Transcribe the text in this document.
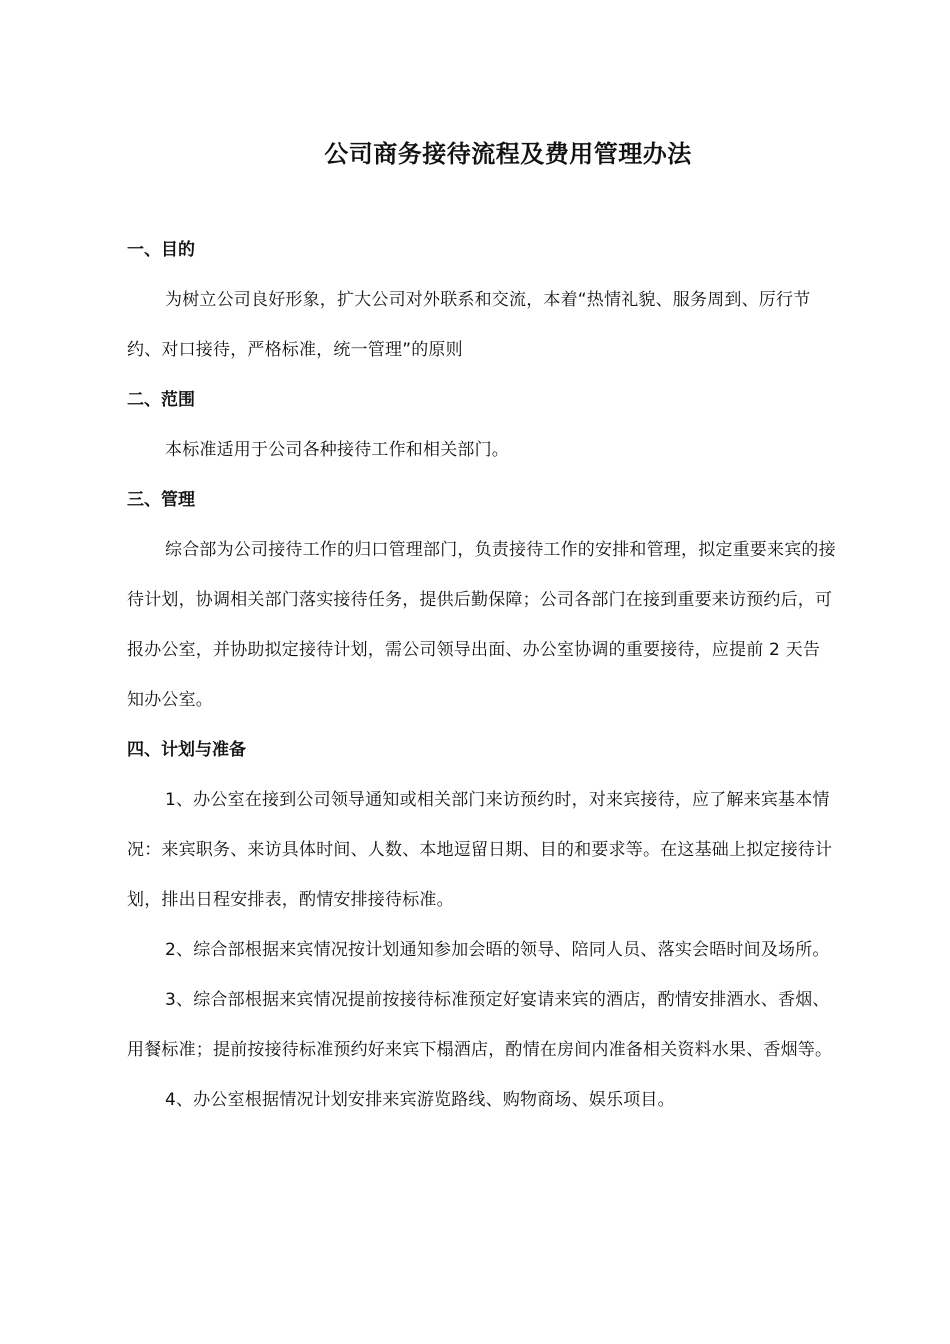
公司商务接待流程及费用管理办法
一、目的

为树立公司良好形象，扩大公司对外联系和交流，本着“热情礼貌、服务周到、厉行节约、对口接待，严格标准，统一管理”的原则

二、范围

本标准适用于公司各种接待工作和相关部门。

三、管理

综合部为公司接待工作的归口管理部门，负责接待工作的安排和管理，拟定重要来宾的接待计划，协调相关部门落实接待任务，提供后勤保障；公司各部门在接到重要来访预约后，可报办公室，并协助拟定接待计划，需公司领导出面、办公室协调的重要接待，应提前 2 天告知办公室。

四、计划与准备

1、办公室在接到公司领导通知或相关部门来访预约时，对来宾接待，应了解来宾基本情况：来宾职务、来访具体时间、人数、本地逗留日期、目的和要求等。在这基础上拟定接待计划，排出日程安排表，酌情安排接待标准。

2、综合部根据来宾情况按计划通知参加会晤的领导、陪同人员、落实会晤时间及场所。

3、综合部根据来宾情况提前按接待标准预定好宴请来宾的酒店，酌情安排酒水、香烟、用餐标准；提前按接待标准预约好来宾下榻酒店，酌情在房间内准备相关资料水果、香烟等。

4、办公室根据情况计划安排来宾游览路线、购物商场、娱乐项目。
